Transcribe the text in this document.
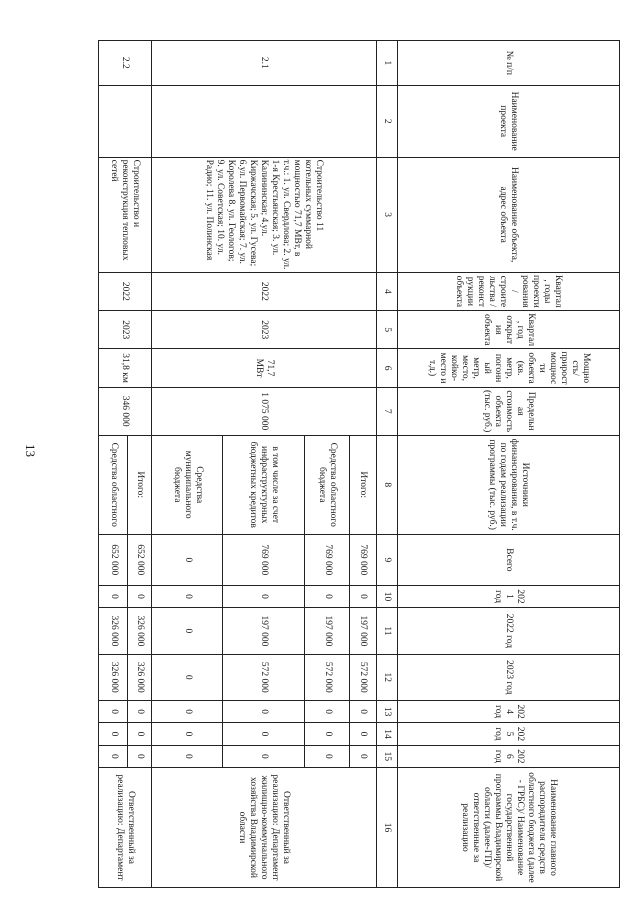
13
№ п/п	Наименование проекта	Наименование объекта, адрес объекта	Квартал, годы проектирования /строительства /реконструкции объекта	Квартал, год открытия объекта	Мощность/прирост мощности объекта (кв. метр, погонный метр, место, койко-место и т.д.)	Предельная стоимость объекта (тыс. руб.)	Источники финансирования, в т.ч. по годам реализации программы (тыс. руб.)	Всего	2021 год	2022 год	2023 год	2024 год	2025 год	2026 год	Наименование главного распорядителя средств областного бюджета (далее - ГРБС)/ Наименование государственной программы Владимирской области (далее-ГП)/ ответственные за реализацию
1	2	3	4	5	6	7	8	9	10	11	12	13	14	15	16
2.1		Строительство 11 котельных суммарной мощностью 71,7 МВт, в т.ч.: 1. ул. Свердлова; 2. ул. 1-я Крестьянская; 3. ул. Калининская; 4.ул. Киржачская; 5. ул. Гусева; 6.ул. Первомайская; 7. ул. Королева 8. ул. Геологов; 9. ул. Советская; 10. ул. Радио; 11. ул. Полинская	2022	2023	71,7 МВт	1 075 000	Итого:	769 000	0	197 000	572 000	0	0	0	Ответственный за реализацию: Департамент жилищно-коммунального хозяйства Владимирской области
							Средства областного бюджета	769 000	0	197 000	572 000	0	0	0	
							в том числе за счет инфраструктурных бюджетных кредитов	769 000	0	197 000	572 000	0	0	0	
							Средства муниципального бюджета	0	0	0	0	0	0	0	
2.2		Строительство и реконструкция тепловых сетей	2022	2023	31,8 км	346 000	Итого:	652 000	0	326 000	326 000	0	0	0	Ответственный за реализацию: Департамент
							Средства областного	652 000	0	326 000	326 000	0	0	0	
